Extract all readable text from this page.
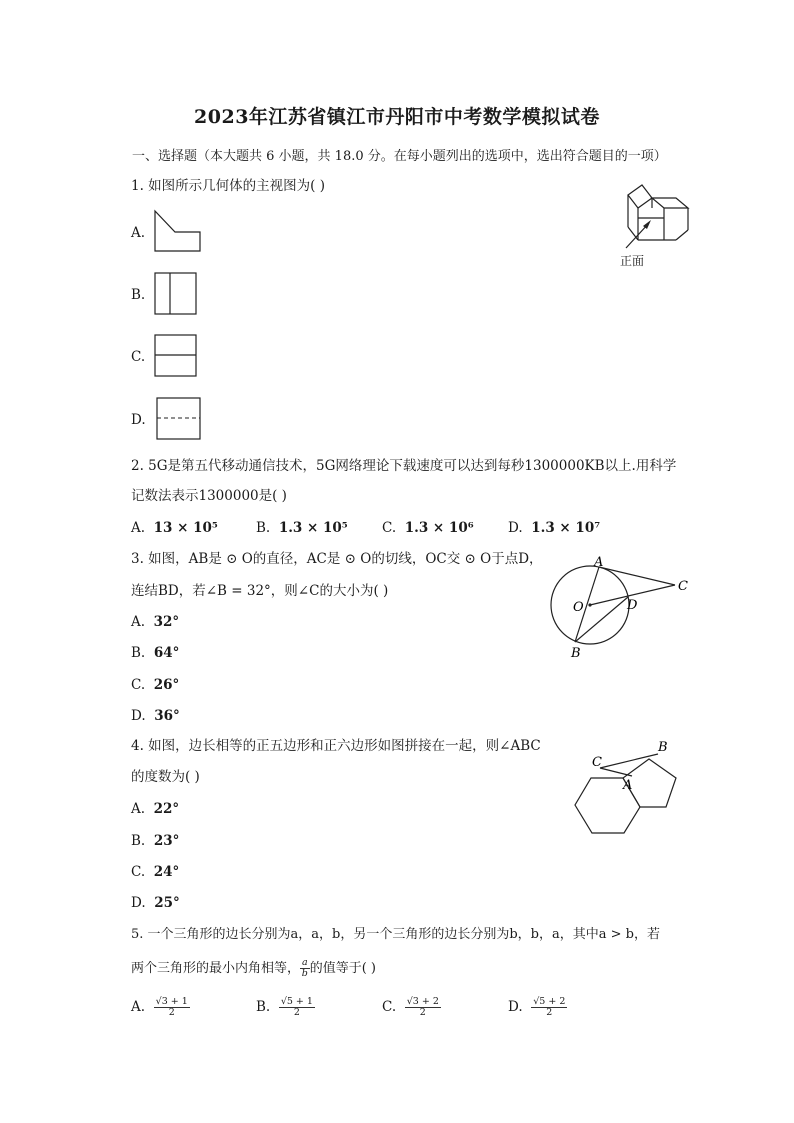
2023年江苏省镇江市丹阳市中考数学模拟试卷
一、选择题（本大题共 6 小题，共 18.0 分。在每小题列出的选项中，选出符合题目的一项）
1. 如图所示几何体的主视图为( )
正面
A.
B.
C.
D.
2. 5G是第五代移动通信技术，5G网络理论下载速度可以达到每秒1300000KB以上.用科学
记数法表示1300000是( )
A. 13 × 10⁵	B. 1.3 × 10⁵	C. 1.3 × 10⁶	D. 1.3 × 10⁷
3. 如图，AB是 ⊙ O的直径，AC是 ⊙ O的切线，OC交 ⊙ O于点D，
连结BD，若∠B = 32°，则∠C的大小为( )
A
B
C
D
O
A. 32°
B. 64°
C. 26°
D. 36°
4. 如图，边长相等的正五边形和正六边形如图拼接在一起，则∠ABC
的度数为( )
C
B
A
A. 22°
B. 23°
C. 24°
D. 25°
5. 一个三角形的边长分别为a，a，b，另一个三角形的边长分别为b，b，a，其中a > b，若
两个三角形的最小内角相等， $\frac{a}{b}$ 的值等于( )
A. $\frac{√3 + 1}{2}$	B. $\frac{√5 + 1}{2}$	C. $\frac{√3 + 2}{2}$	D. $\frac{√5 + 2}{2}$
